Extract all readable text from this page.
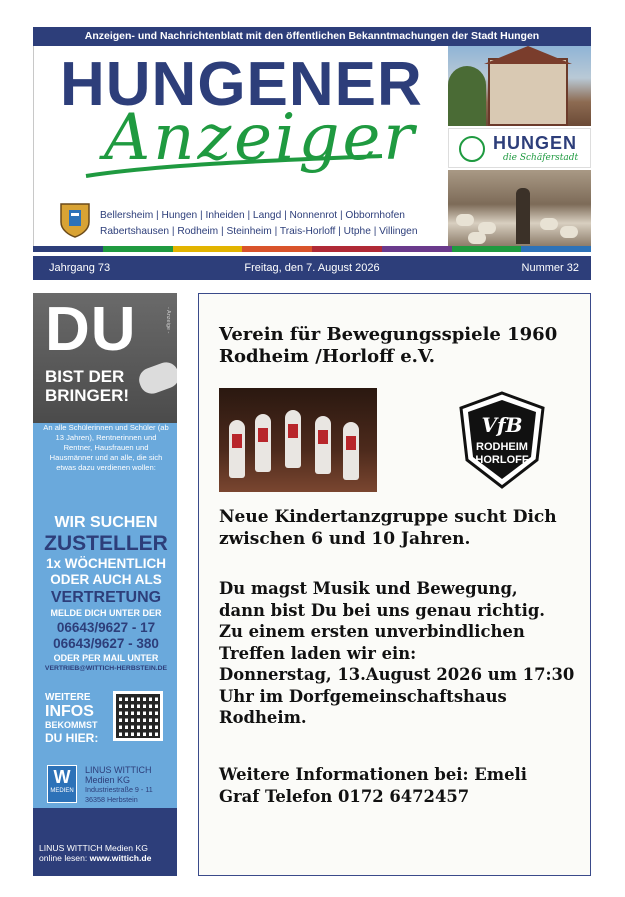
Anzeigen- und Nachrichtenblatt mit den öffentlichen Bekanntmachungen der Stadt Hungen
HUNGENER
Anzeiger
Bellersheim | Hungen | Inheiden | Langd | Nonnenrot | Obbornhofen
Rabertshausen | Rodheim | Steinheim | Trais-Horloff | Utphe | Villingen
HUNGEN
die Schäferstadt
Jahrgang 73	Freitag, den 7. August 2026	Nummer 32
DU
BIST DER
BRINGER!
- Anzeige -
An alle Schülerinnen und Schüler (ab 13 Jahren), Rentnerinnen und Rentner, Hausfrauen und Hausmänner und an alle, die sich etwas dazu verdienen wollen:
WIR SUCHEN
ZUSTELLER
1x WÖCHENTLICH
ODER AUCH ALS
VERTRETUNG
MELDE DICH UNTER DER
06643/9627 - 17
06643/9627 - 380
ODER PER MAIL UNTER
VERTRIEB@WITTICH-HERBSTEIN.DE
WEITERE
INFOS
BEKOMMST
DU HIER:
W
MEDIEN
LINUS WITTICH
Medien KG
Industriestraße 9 - 11
36358 Herbstein
LINUS WITTICH Medien KG
online lesen: www.wittich.de
Verein für Bewegungsspiele 1960
Rodheim /Horloff e.V.
VfB
RODHEIM
HORLOFF
Neue Kindertanzgruppe sucht Dich
zwischen 6 und 10 Jahren.
Du magst Musik und Bewegung,
dann bist Du bei uns genau richtig.
Zu einem ersten unverbindlichen
Treffen laden wir ein:
Donnerstag, 13.August 2026 um 17:30
Uhr im Dorfgemeinschaftshaus
Rodheim.
Weitere Informationen bei: Emeli
Graf Telefon 0172 6472457
